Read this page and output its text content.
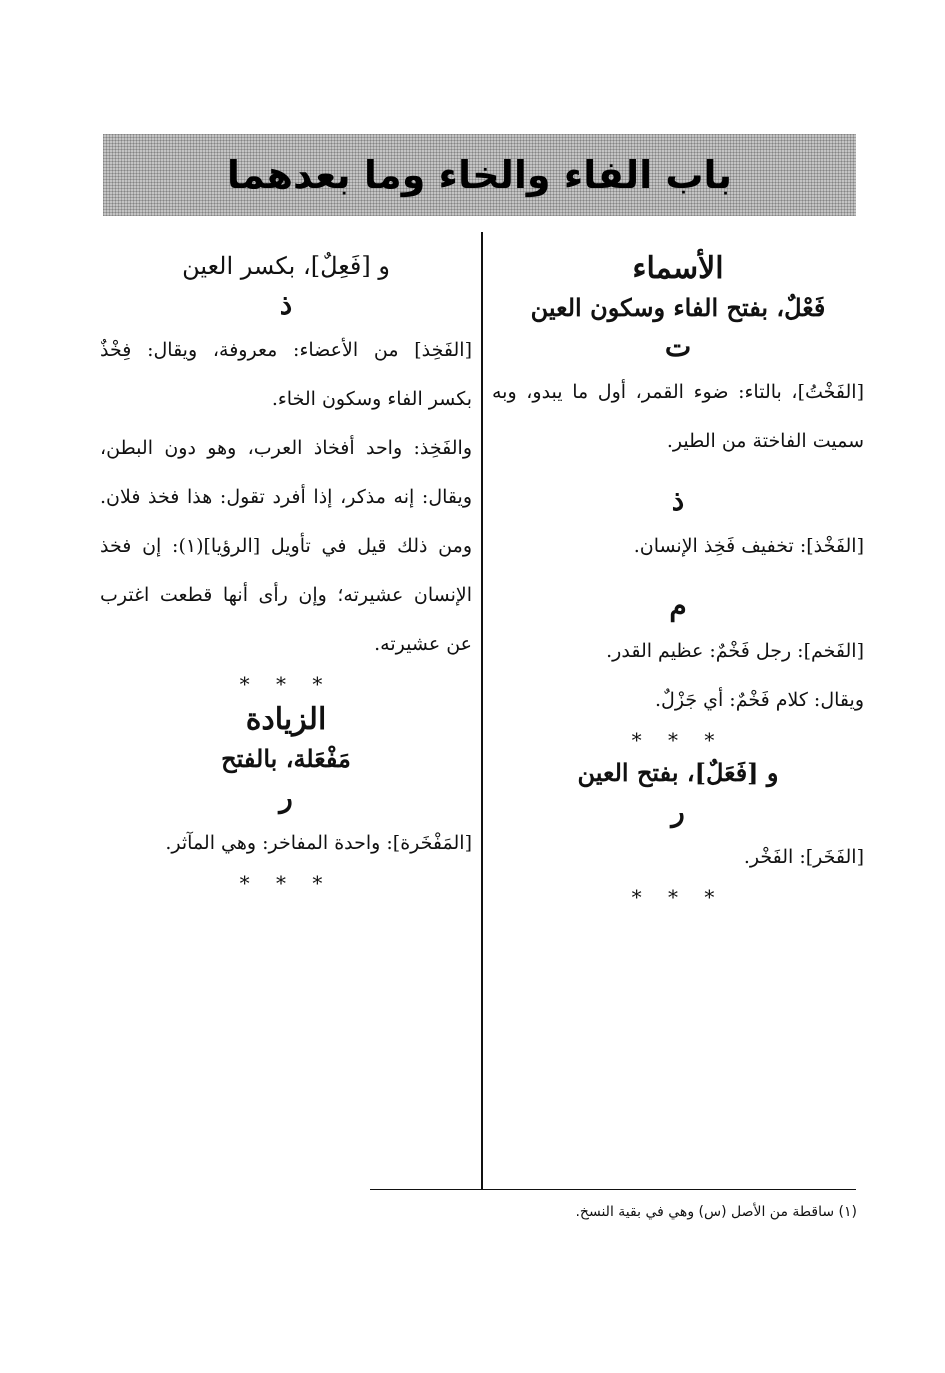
باب الفاء والخاء وما بعدهما
الأسماء
فَعْلٌ، بفتح الفاء وسكون العين
ت
[الفَخْتُ]، بالتاء: ضوء القمر، أول ما يبدو، وبه سميت الفاختة من الطير.
ذ
[الفَخْذ]: تخفيف فَخِذ الإنسان.
م
[الفَخم]: رجل فَخْمٌ: عظيم القدر.
ويقال: كلام فَخْمٌ: أي جَزْلٌ.
* * *
و [فَعَلٌ]، بفتح العين
ر
[الفَخَر]: الفَخْر.
* * *
و [فَعِلٌ]، بكسر العين
ذ
[الفَخِذ] من الأعضاء: معروفة، ويقال: فِخْذٌ بكسر الفاء وسكون الخاء.
والفَخِذ: واحد أفخاذ العرب، وهو دون البطن، ويقال: إنه مذكر، إذا أفرد تقول: هذا فخذ فلان. ومن ذلك قيل في تأويل [الرؤيا](١): إن فخذ الإنسان عشيرته؛ وإن رأى أنها قطعت اغترب عن عشيرته.
* * *
الزيادة
مَفْعَلة، بالفتح
ر
[المَفْخَرة]: واحدة المفاخر: وهي المآثر.
* * *
(١) ساقطة من الأصل (س) وهي في بقية النسخ.
